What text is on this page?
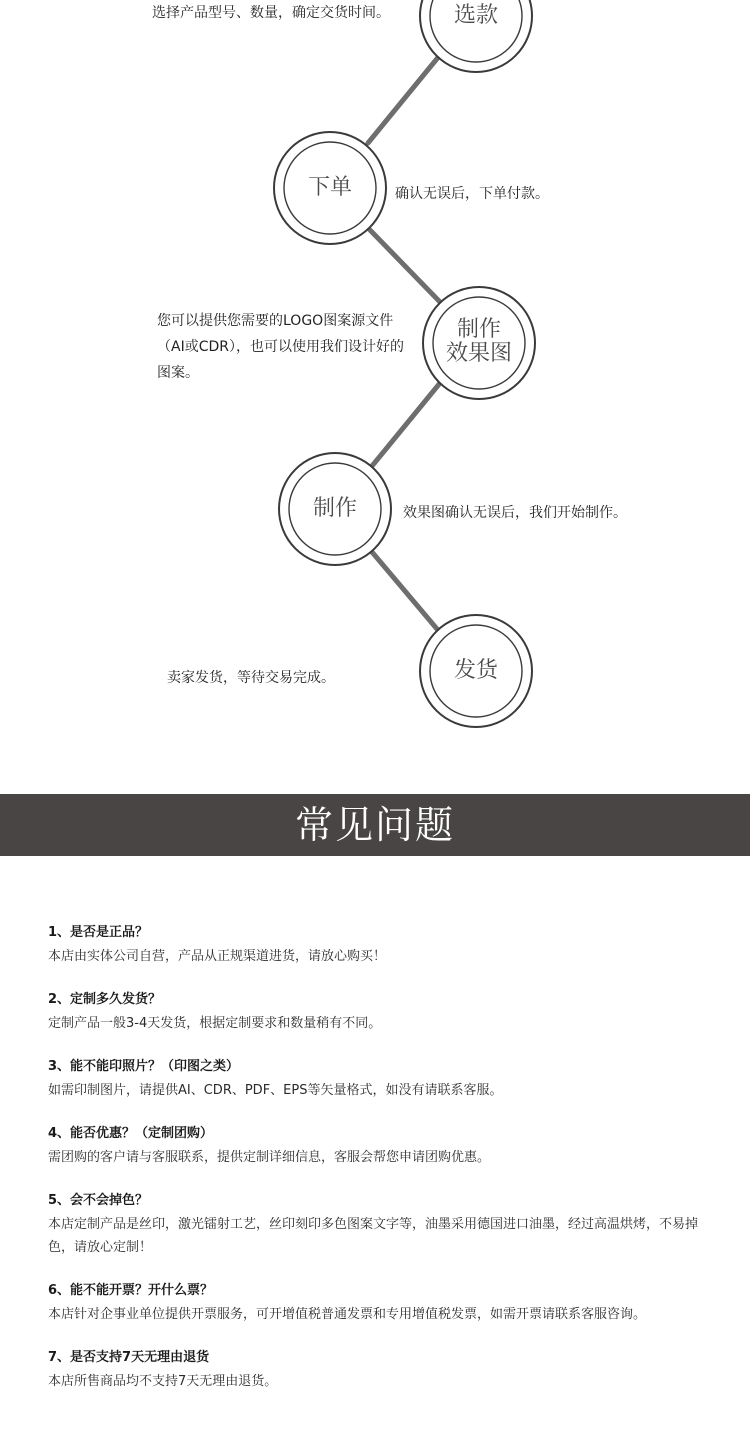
选款
选择产品型号、数量，确定交货时间。
下单	确认无误后，下单付款。
制作
效果图
您可以提供您需要的LOGO图案源文件（AI或CDR），也可以使用我们设计好的图案。
制作	效果图确认无误后，我们开始制作。
发货
卖家发货，等待交易完成。
常见问题
1、是否是正品？
本店由实体公司自营，产品从正规渠道进货，请放心购买！
2、定制多久发货？
定制产品一般3-4天发货，根据定制要求和数量稍有不同。
3、能不能印照片？（印图之类）
如需印制图片，请提供AI、CDR、PDF、EPS等矢量格式，如没有请联系客服。
4、能否优惠？（定制团购）
需团购的客户请与客服联系，提供定制详细信息，客服会帮您申请团购优惠。
5、会不会掉色？
本店定制产品是丝印，激光镭射工艺，丝印刻印多色图案文字等，油墨采用德国进口油墨，经过高温烘烤，不易掉色，请放心定制！
6、能不能开票？开什么票？
本店针对企事业单位提供开票服务，可开增值税普通发票和专用增值税发票，如需开票请联系客服咨询。
7、是否支持7天无理由退货
本店所售商品均不支持7天无理由退货。
